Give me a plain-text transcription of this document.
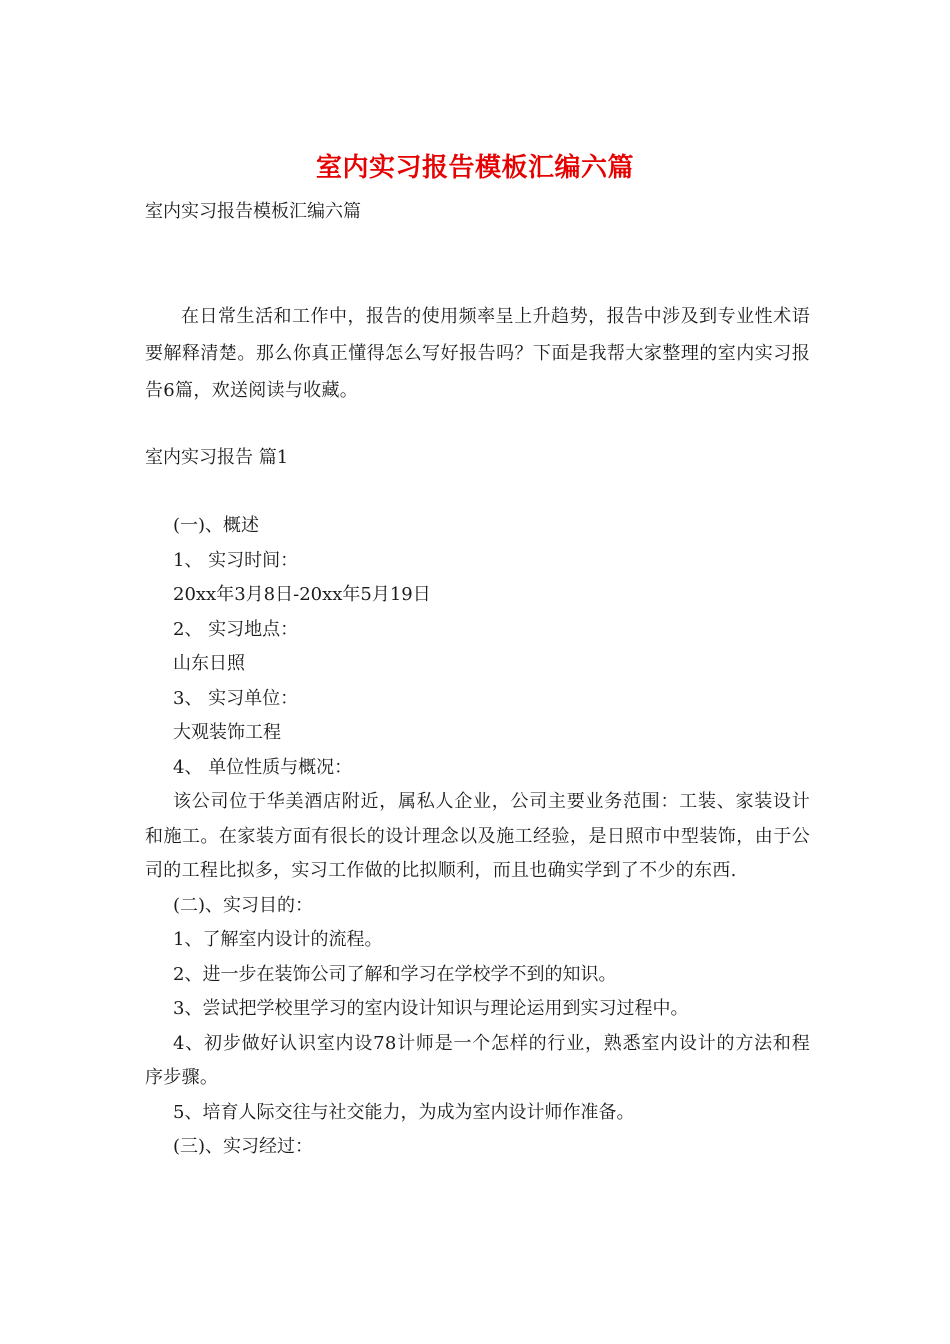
室内实习报告模板汇编六篇
室内实习报告模板汇编六篇
在日常生活和工作中，报告的使用频率呈上升趋势，报告中涉及到专业性术语要解释清楚。那么你真正懂得怎么写好报告吗？下面是我帮大家整理的室内实习报告6篇，欢送阅读与收藏。
室内实习报告 篇1
(一)、概述
1、 实习时间：
20xx年3月8日-20xx年5月19日
2、 实习地点：
山东日照
3、 实习单位：
大观装饰工程
4、 单位性质与概况：
该公司位于华美酒店附近，属私人企业，公司主要业务范围：工装、家装设计和施工。在家装方面有很长的设计理念以及施工经验，是日照市中型装饰，由于公司的工程比拟多，实习工作做的比拟顺利，而且也确实学到了不少的东西.
(二)、实习目的：
1、了解室内设计的流程。
2、进一步在装饰公司了解和学习在学校学不到的知识。
3、尝试把学校里学习的室内设计知识与理论运用到实习过程中。
4、初步做好认识室内设78计师是一个怎样的行业，熟悉室内设计的方法和程序步骤。
5、培育人际交往与社交能力，为成为室内设计师作准备。
(三)、实习经过：
